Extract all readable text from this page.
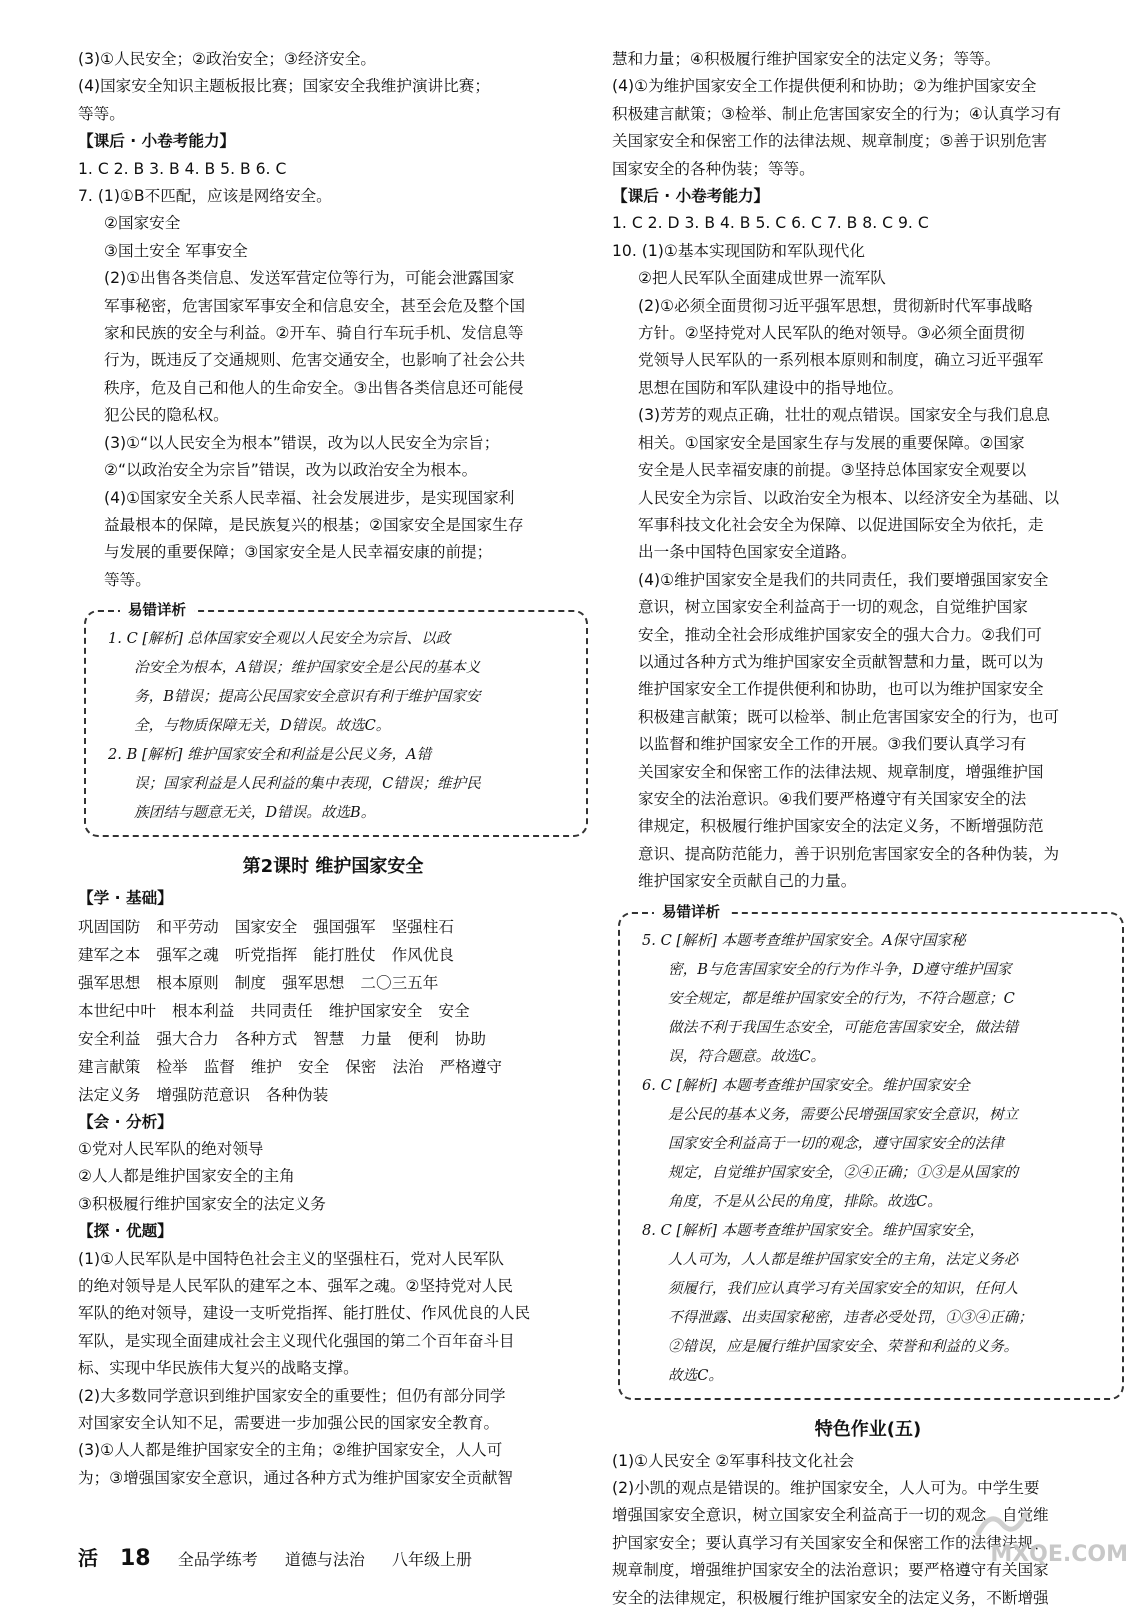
(3)①人民安全；②政治安全；③经济安全。
(4)国家安全知识主题板报比赛；国家安全我维护演讲比赛；
等等。
【课后 · 小卷考能力】
1. C 2. B 3. B 4. B 5. B 6. C
7. (1)①B不匹配，应该是网络安全。
②国家安全
③国土安全 军事安全
(2)①出售各类信息、发送军营定位等行为，可能会泄露国家
军事秘密，危害国家军事安全和信息安全，甚至会危及整个国
家和民族的安全与利益。②开车、骑自行车玩手机、发信息等
行为，既违反了交通规则、危害交通安全，也影响了社会公共
秩序，危及自己和他人的生命安全。③出售各类信息还可能侵
犯公民的隐私权。
(3)①“以人民安全为根本”错误，改为以人民安全为宗旨；
②“以政治安全为宗旨”错误，改为以政治安全为根本。
(4)①国家安全关系人民幸福、社会发展进步，是实现国家利
益最根本的保障，是民族复兴的根基；②国家安全是国家生存
与发展的重要保障；③国家安全是人民幸福安康的前提；
等等。
易错详析
1. C [解析] 总体国家安全观以人民安全为宗旨、以政
治安全为根本，A错误；维护国家安全是公民的基本义
务，B错误；提高公民国家安全意识有利于维护国家安
全，与物质保障无关，D错误。故选C。
2. B [解析] 维护国家安全和利益是公民义务，A错
误；国家利益是人民利益的集中表现，C错误；维护民
族团结与题意无关，D错误。故选B。
第2课时 维护国家安全
【学 · 基础】
巩固国防 和平劳动 国家安全 强国强军 坚强柱石
建军之本 强军之魂 听党指挥 能打胜仗 作风优良
强军思想 根本原则 制度 强军思想 二〇三五年
本世纪中叶 根本利益 共同责任 维护国家安全 安全
安全利益 强大合力 各种方式 智慧 力量 便利 协助
建言献策 检举 监督 维护 安全 保密 法治 严格遵守
法定义务 增强防范意识 各种伪装
【会 · 分析】
①党对人民军队的绝对领导
②人人都是维护国家安全的主角
③积极履行维护国家安全的法定义务
【探 · 优题】
(1)①人民军队是中国特色社会主义的坚强柱石，党对人民军队
的绝对领导是人民军队的建军之本、强军之魂。②坚持党对人民
军队的绝对领导，建设一支听党指挥、能打胜仗、作风优良的人民
军队，是实现全面建成社会主义现代化强国的第二个百年奋斗目
标、实现中华民族伟大复兴的战略支撑。
(2)大多数同学意识到维护国家安全的重要性；但仍有部分同学
对国家安全认知不足，需要进一步加强公民的国家安全教育。
(3)①人人都是维护国家安全的主角；②维护国家安全，人人可
为；③增强国家安全意识，通过各种方式为维护国家安全贡献智
慧和力量；④积极履行维护国家安全的法定义务；等等。
(4)①为维护国家安全工作提供便利和协助；②为维护国家安全
积极建言献策；③检举、制止危害国家安全的行为；④认真学习有
关国家安全和保密工作的法律法规、规章制度；⑤善于识别危害
国家安全的各种伪装；等等。
【课后 · 小卷考能力】
1. C 2. D 3. B 4. B 5. C 6. C 7. B 8. C 9. C
10. (1)①基本实现国防和军队现代化
②把人民军队全面建成世界一流军队
(2)①必须全面贯彻习近平强军思想，贯彻新时代军事战略
方针。②坚持党对人民军队的绝对领导。③必须全面贯彻
党领导人民军队的一系列根本原则和制度，确立习近平强军
思想在国防和军队建设中的指导地位。
(3)芳芳的观点正确，壮壮的观点错误。国家安全与我们息息
相关。①国家安全是国家生存与发展的重要保障。②国家
安全是人民幸福安康的前提。③坚持总体国家安全观要以
人民安全为宗旨、以政治安全为根本、以经济安全为基础、以
军事科技文化社会安全为保障、以促进国际安全为依托，走
出一条中国特色国家安全道路。
(4)①维护国家安全是我们的共同责任，我们要增强国家安全
意识，树立国家安全利益高于一切的观念，自觉维护国家
安全，推动全社会形成维护国家安全的强大合力。②我们可
以通过各种方式为维护国家安全贡献智慧和力量，既可以为
维护国家安全工作提供便利和协助，也可以为维护国家安全
积极建言献策；既可以检举、制止危害国家安全的行为，也可
以监督和维护国家安全工作的开展。③我们要认真学习有
关国家安全和保密工作的法律法规、规章制度，增强维护国
家安全的法治意识。④我们要严格遵守有关国家安全的法
律规定，积极履行维护国家安全的法定义务，不断增强防范
意识、提高防范能力，善于识别危害国家安全的各种伪装，为
维护国家安全贡献自己的力量。
易错详析
5. C [解析] 本题考查维护国家安全。A保守国家秘
密，B与危害国家安全的行为作斗争，D遵守维护国家
安全规定，都是维护国家安全的行为，不符合题意；C
做法不利于我国生态安全，可能危害国家安全，做法错
误，符合题意。故选C。
6. C [解析] 本题考查维护国家安全。维护国家安全
是公民的基本义务，需要公民增强国家安全意识，树立
国家安全利益高于一切的观念，遵守国家安全的法律
规定，自觉维护国家安全，②④正确；①③是从国家的
角度，不是从公民的角度，排除。故选C。
8. C [解析] 本题考查维护国家安全。维护国家安全，
人人可为，人人都是维护国家安全的主角，法定义务必
须履行，我们应认真学习有关国家安全的知识，任何人
不得泄露、出卖国家秘密，违者必受处罚，①③④正确；
②错误，应是履行维护国家安全、荣誉和利益的义务。
故选C。
特色作业(五)
(1)①人民安全 ②军事科技文化社会
(2)小凯的观点是错误的。维护国家安全，人人可为。中学生要
增强国家安全意识，树立国家安全利益高于一切的观念，自觉维
护国家安全；要认真学习有关国家安全和保密工作的法律法规、
规章制度，增强维护国家安全的法治意识；要严格遵守有关国家
安全的法律规定，积极履行维护国家安全的法定义务，不断增强
活 18 全品学练考 道德与法治 八年级上册	MXQE.COM
